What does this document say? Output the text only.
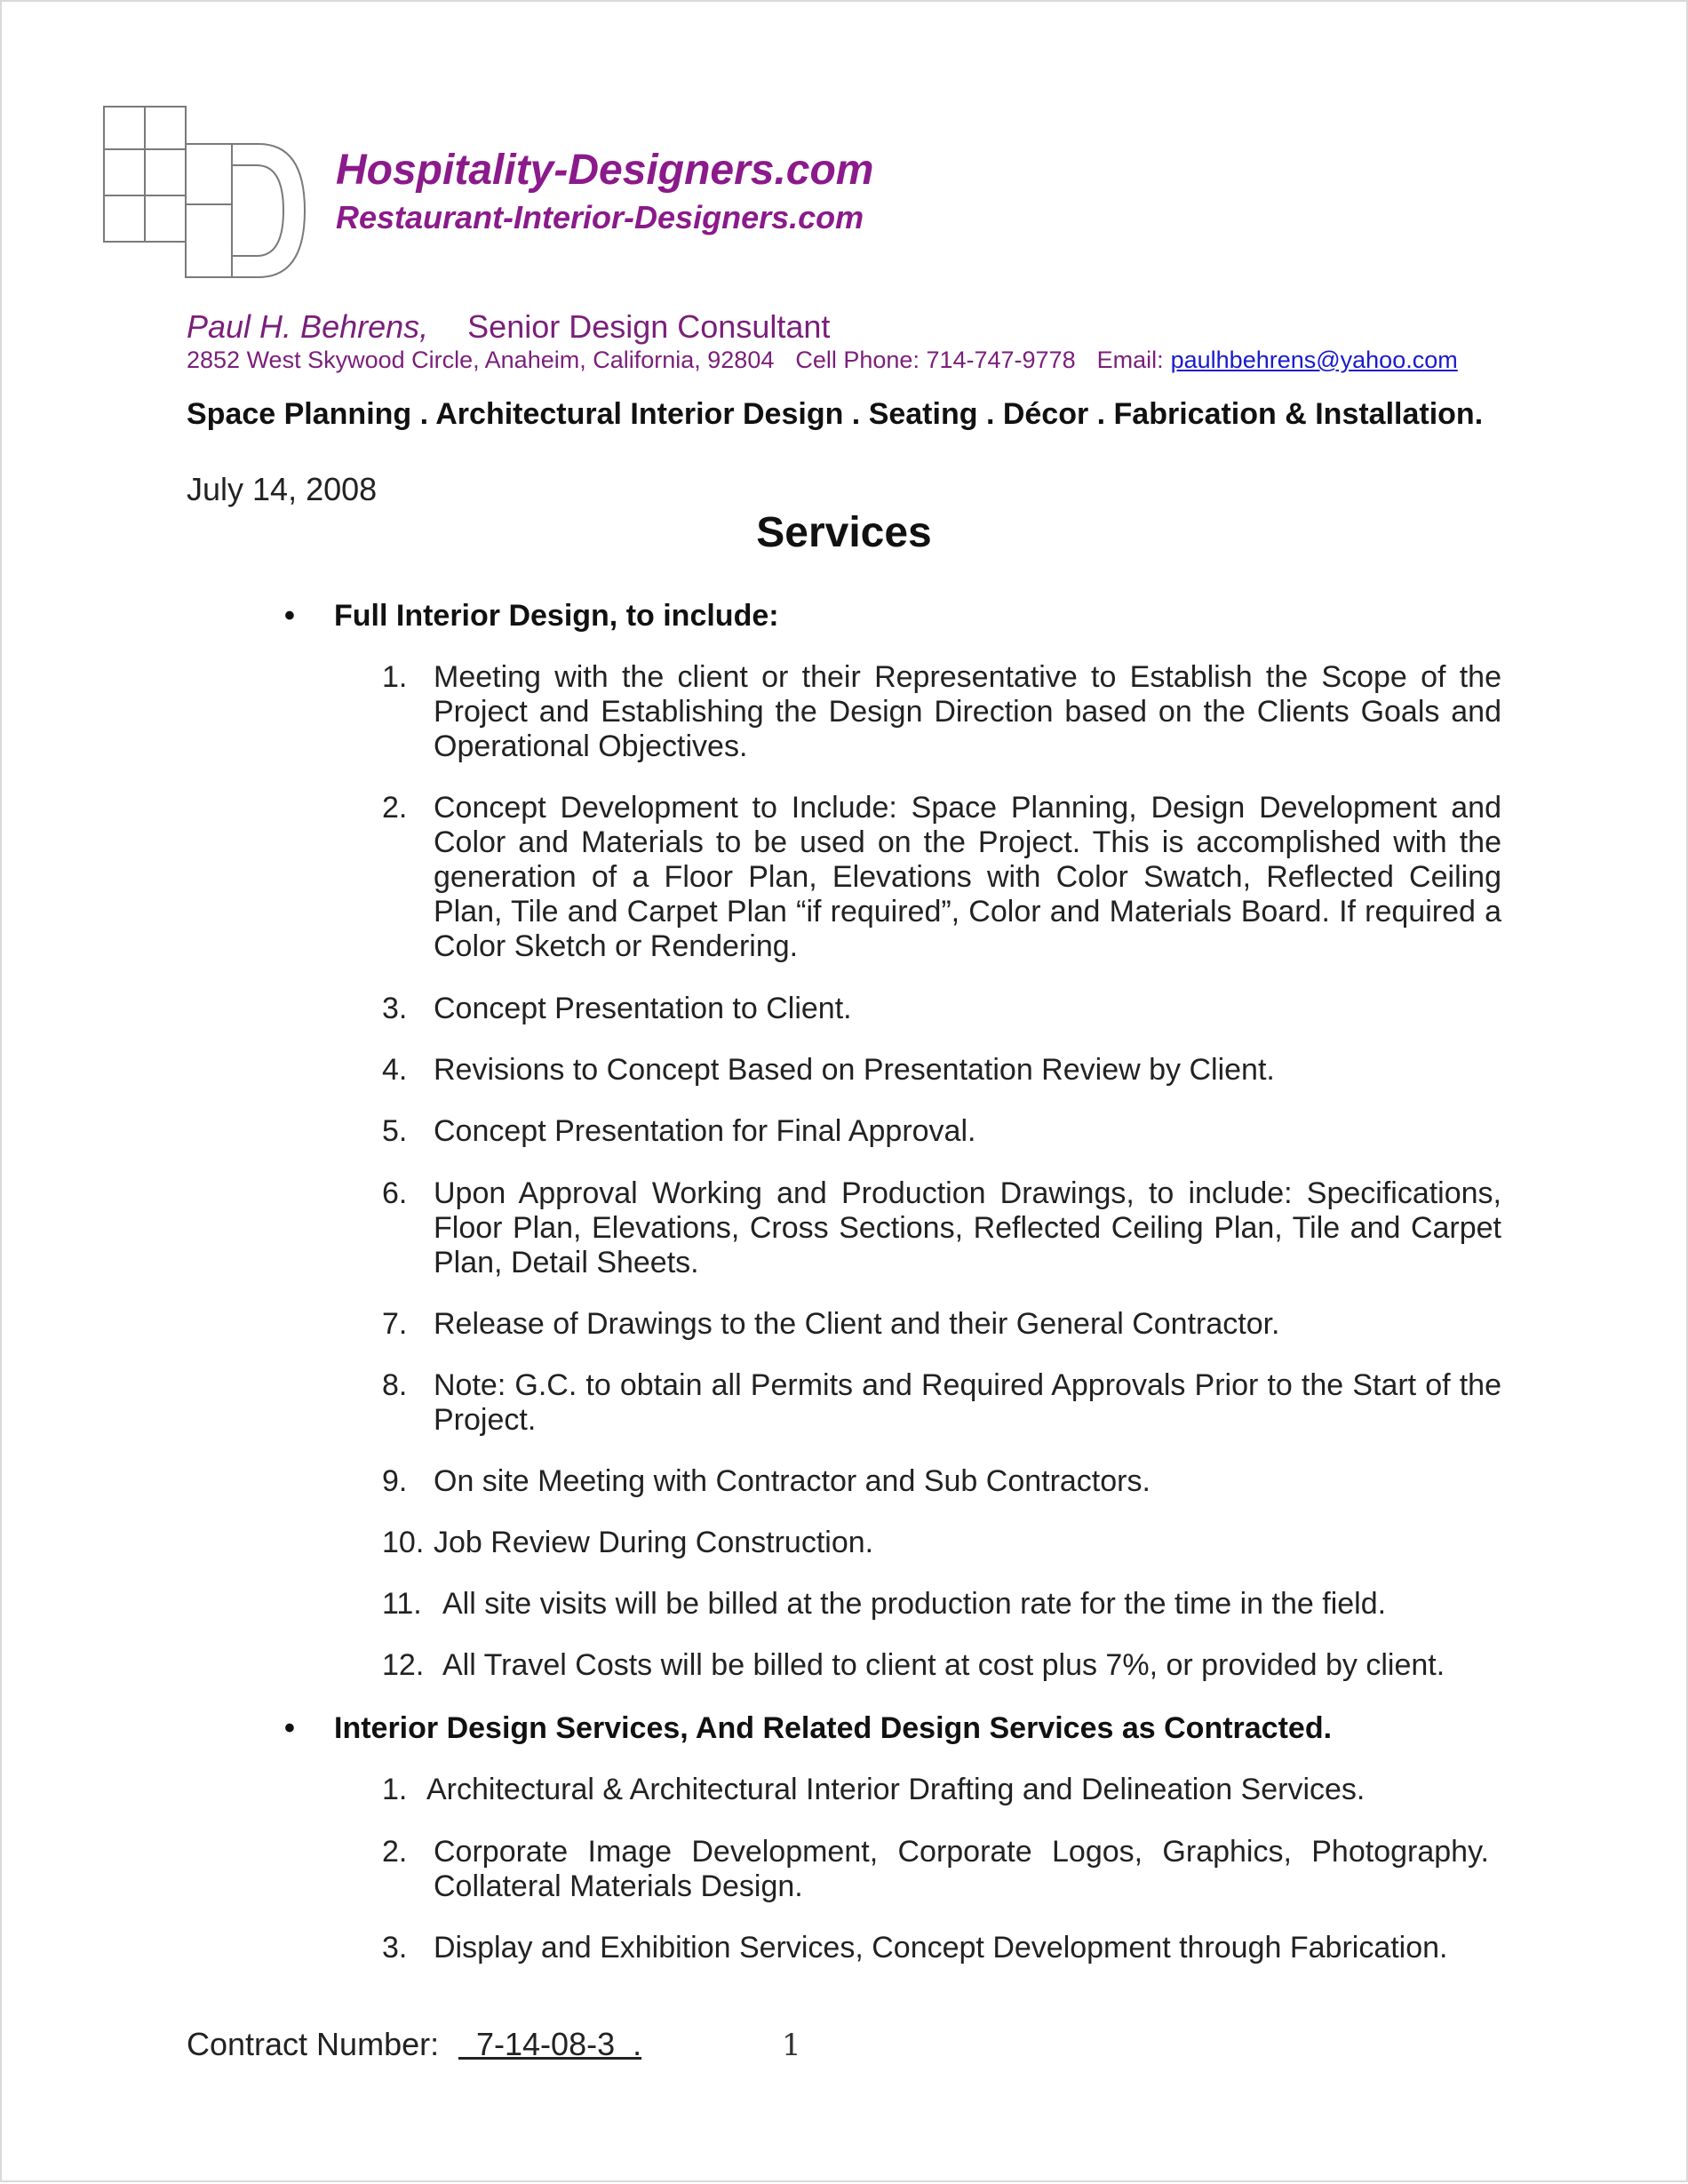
Hospitality-Designers.com

Restaurant-Interior-Designers.com

Paul H. Behrens, Senior Design Consultant
2852 West Skywood Circle, Anaheim, California, 92804 Cell Phone: 714-747-9778 Email: paulhbehrens@yahoo.com

Space Planning . Architectural Interior Design . Seating . Décor . Fabrication & Installation.

July 14, 2008
Services
• Full Interior Design, to include:
1. Meeting with the client or their Representative to Establish the Scope of the Project and Establishing the Design Direction based on the Clients Goals and Operational Objectives.
2. Concept Development to Include: Space Planning, Design Development and Color and Materials to be used on the Project. This is accomplished with the generation of a Floor Plan, Elevations with Color Swatch, Reflected Ceiling Plan, Tile and Carpet Plan “if required”, Color and Materials Board. If required a Color Sketch or Rendering.
3. Concept Presentation to Client.
4. Revisions to Concept Based on Presentation Review by Client.
5. Concept Presentation for Final Approval.
6. Upon Approval Working and Production Drawings, to include: Specifications, Floor Plan, Elevations, Cross Sections, Reflected Ceiling Plan, Tile and Carpet Plan, Detail Sheets.
7. Release of Drawings to the Client and their General Contractor.
8. Note: G.C. to obtain all Permits and Required Approvals Prior to the Start of the Project.
9. On site Meeting with Contractor and Sub Contractors.
10. Job Review During Construction.
11. All site visits will be billed at the production rate for the time in the field.
12. All Travel Costs will be billed to client at cost plus 7%, or provided by client.
• Interior Design Services, And Related Design Services as Contracted.
1. Architectural & Architectural Interior Drafting and Delineation Services.
2. Corporate Image Development, Corporate Logos, Graphics, Photography. Collateral Materials Design.
3. Display and Exhibition Services, Concept Development through Fabrication.
Contract Number: 7-14-08-3  .	1
